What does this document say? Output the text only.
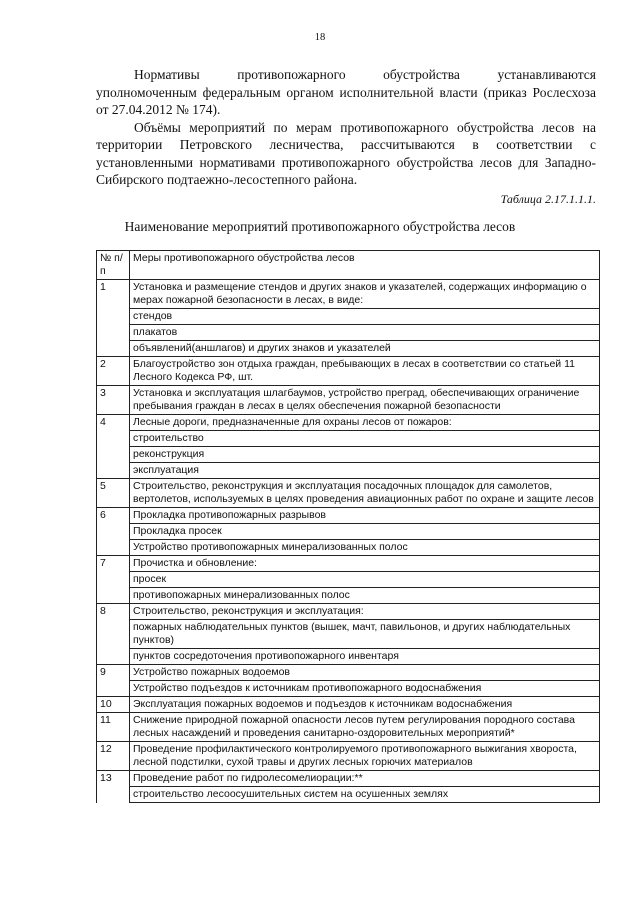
18

Нормативы противопожарного обустройства устанавливаются уполномоченным федеральным органом исполнительной власти (приказ Рослесхоза от 27.04.2012 № 174).

Объёмы мероприятий по мерам противопожарного обустройства лесов на территории Петровского лесничества, рассчитываются в соответствии с установленными нормативами противопожарного обустройства лесов для Западно-Сибирского подтаежно-лесостепного района.

Таблица 2.17.1.1.1.
Наименование мероприятий противопожарного обустройства лесов
№ п/п	Меры противопожарного обустройства лесов
1	Установка и размещение стендов и других знаков и указателей, содержащих информацию о мерах пожарной безопасности в лесах, в виде:
	стендов
	плакатов
	объявлений(аншлагов) и других знаков и указателей
2	Благоустройство зон отдыха граждан, пребывающих в лесах в соответствии со статьей 11 Лесного Кодекса РФ, шт.
3	Установка и эксплуатация шлагбаумов, устройство преград, обеспечивающих ограничение пребывания граждан в лесах в целях обеспечения пожарной безопасности
4	Лесные дороги, предназначенные для охраны лесов от пожаров:
	строительство
	реконструкция
	эксплуатация
5	Строительство, реконструкция и эксплуатация посадочных площадок для самолетов, вертолетов, используемых в целях проведения авиационных работ по охране и защите лесов
6	Прокладка противопожарных разрывов
	Прокладка просек
	Устройство противопожарных минерализованных полос
7	Прочистка и обновление:
	просек
	противопожарных минерализованных полос
8	Строительство, реконструкция и эксплуатация:
	пожарных наблюдательных пунктов (вышек, мачт, павильонов, и других наблюдательных пунктов)
	пунктов сосредоточения противопожарного инвентаря
9	Устройство пожарных водоемов
	Устройство подъездов к источникам противопожарного водоснабжения
10	Эксплуатация пожарных водоемов и подъездов к источникам водоснабжения
11	Снижение природной пожарной опасности лесов путем регулирования породного состава лесных насаждений и проведения санитарно-оздоровительных мероприятий*
12	Проведение профилактического контролируемого противопожарного выжигания хвороста, лесной подстилки, сухой травы и других лесных горючих материалов
13	Проведение работ по гидролесомелиорации:**
	строительство лесоосушительных систем на осушенных землях
